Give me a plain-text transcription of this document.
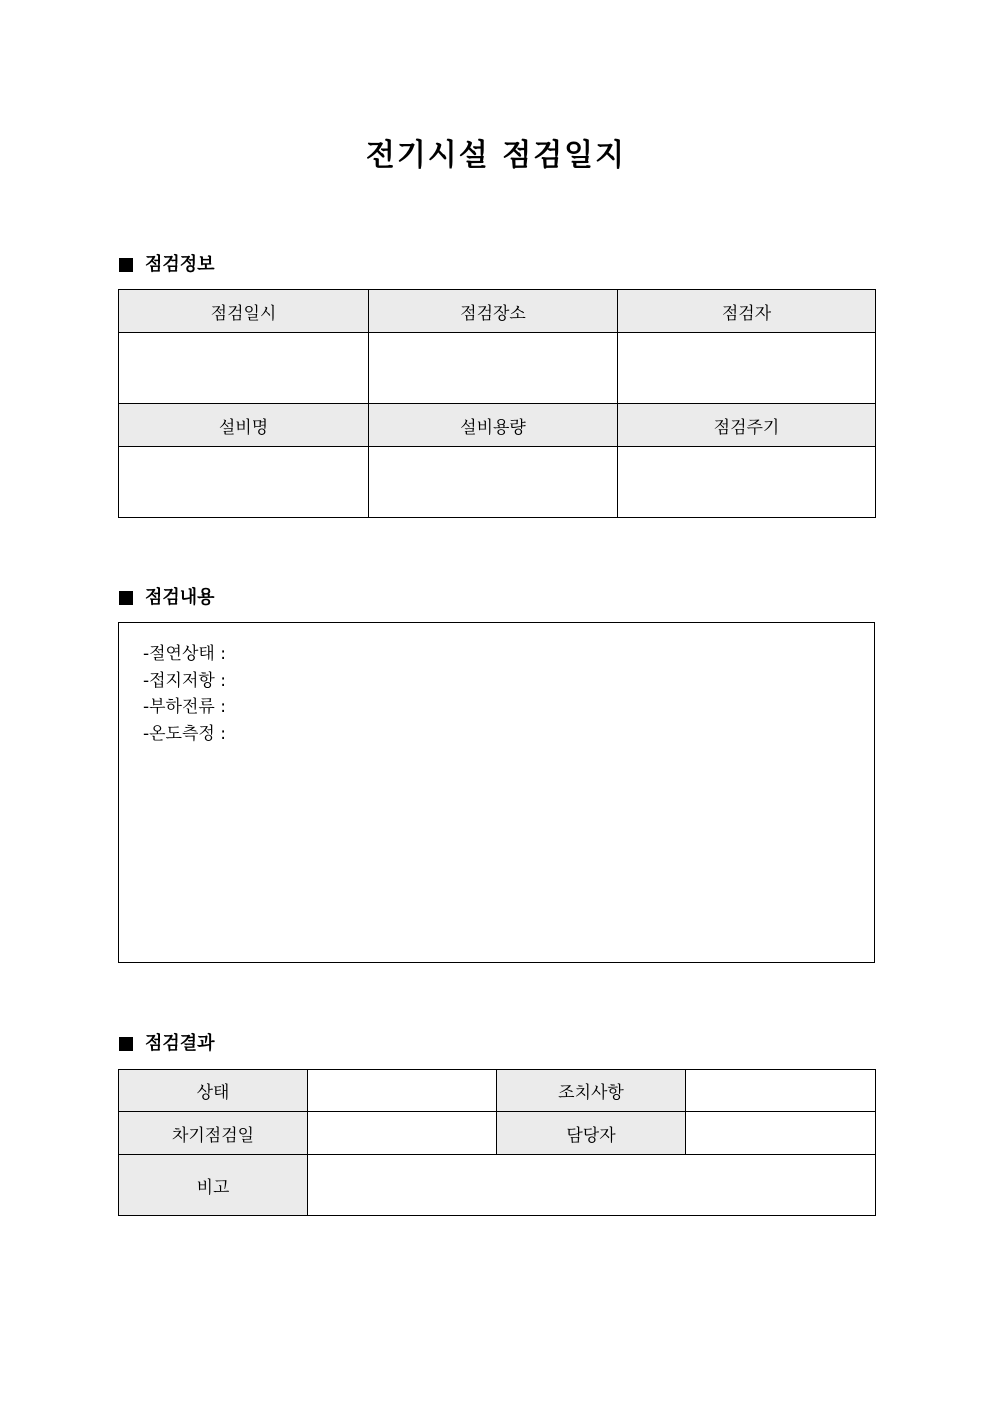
전기시설 점검일지
점검정보
점검일시	점검장소	점검자

설비명	설비용량	점검주기

점검내용
-절연상태 :
-접지저항 :
-부하전류 :
-온도측정 :
점검결과
상태		조치사항	
차기점검일		담당자	
비고			
